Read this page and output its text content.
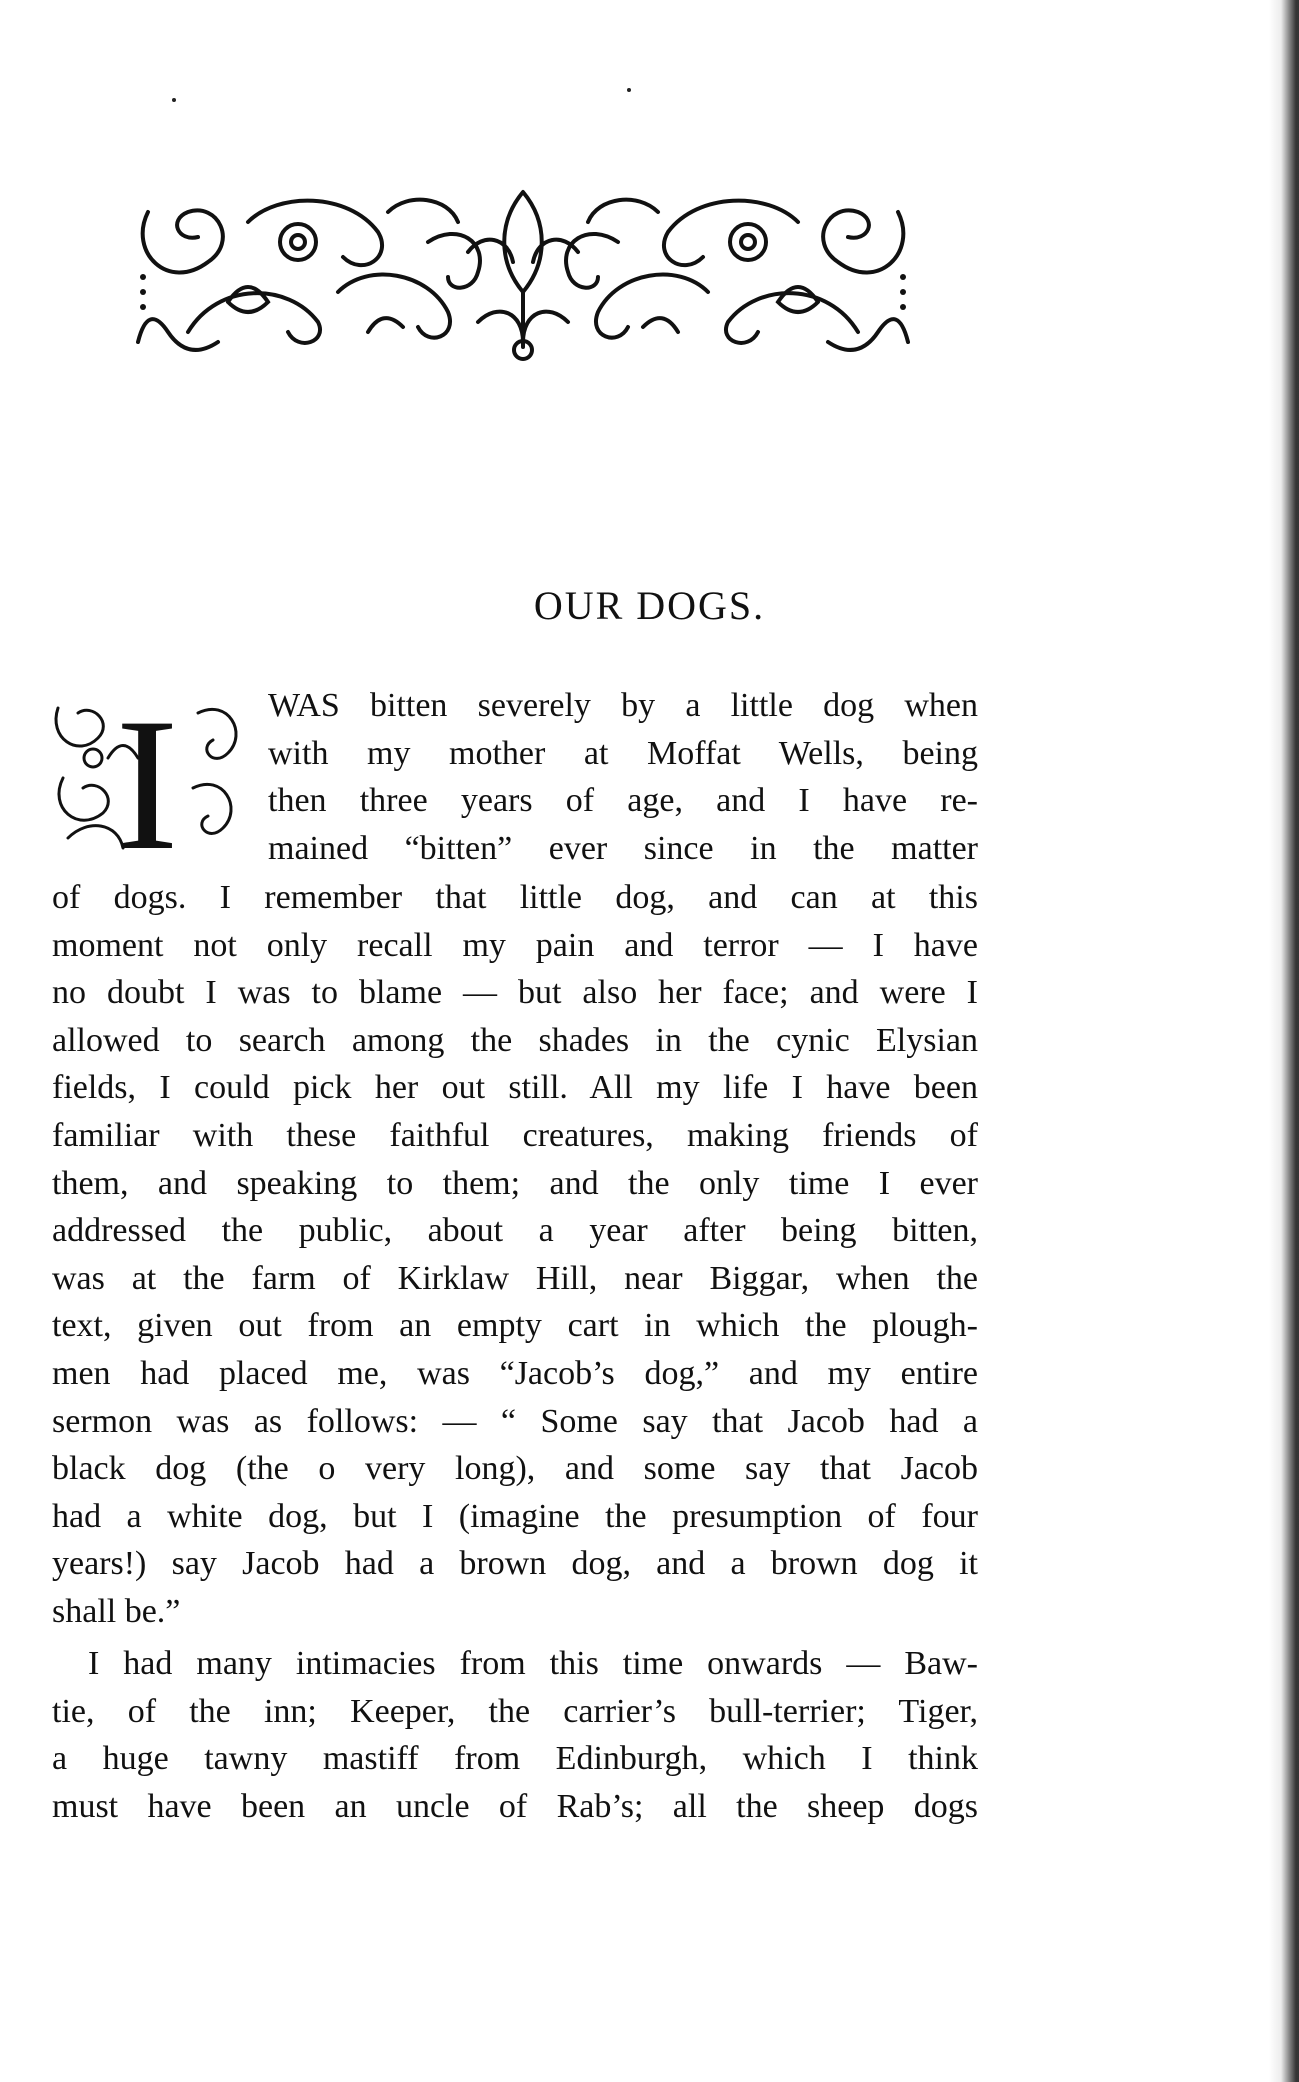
OUR DOGS.
I	WAS bitten severely by a little dog when
with my mother at Moffat Wells, being
then three years of age, and I have re-
mained “bitten” ever since in the matter
of dogs. I remember that little dog, and can at this
moment not only recall my pain and terror — I have
no doubt I was to blame — but also her face; and were I
allowed to search among the shades in the cynic Elysian
fields, I could pick her out still. All my life I have been
familiar with these faithful creatures, making friends of
them, and speaking to them; and the only time I ever
addressed the public, about a year after being bitten,
was at the farm of Kirklaw Hill, near Biggar, when the
text, given out from an empty cart in which the plough-
men had placed me, was “Jacob’s dog,” and my entire
sermon was as follows: — “ Some say that Jacob had a
black dog (the o very long), and some say that Jacob
had a white dog, but I (imagine the presumption of four
years!) say Jacob had a brown dog, and a brown dog it
shall be.”
I had many intimacies from this time onwards — Baw-
tie, of the inn; Keeper, the carrier’s bull-terrier; Tiger,
a huge tawny mastiff from Edinburgh, which I think
must have been an uncle of Rab’s; all the sheep dogs
